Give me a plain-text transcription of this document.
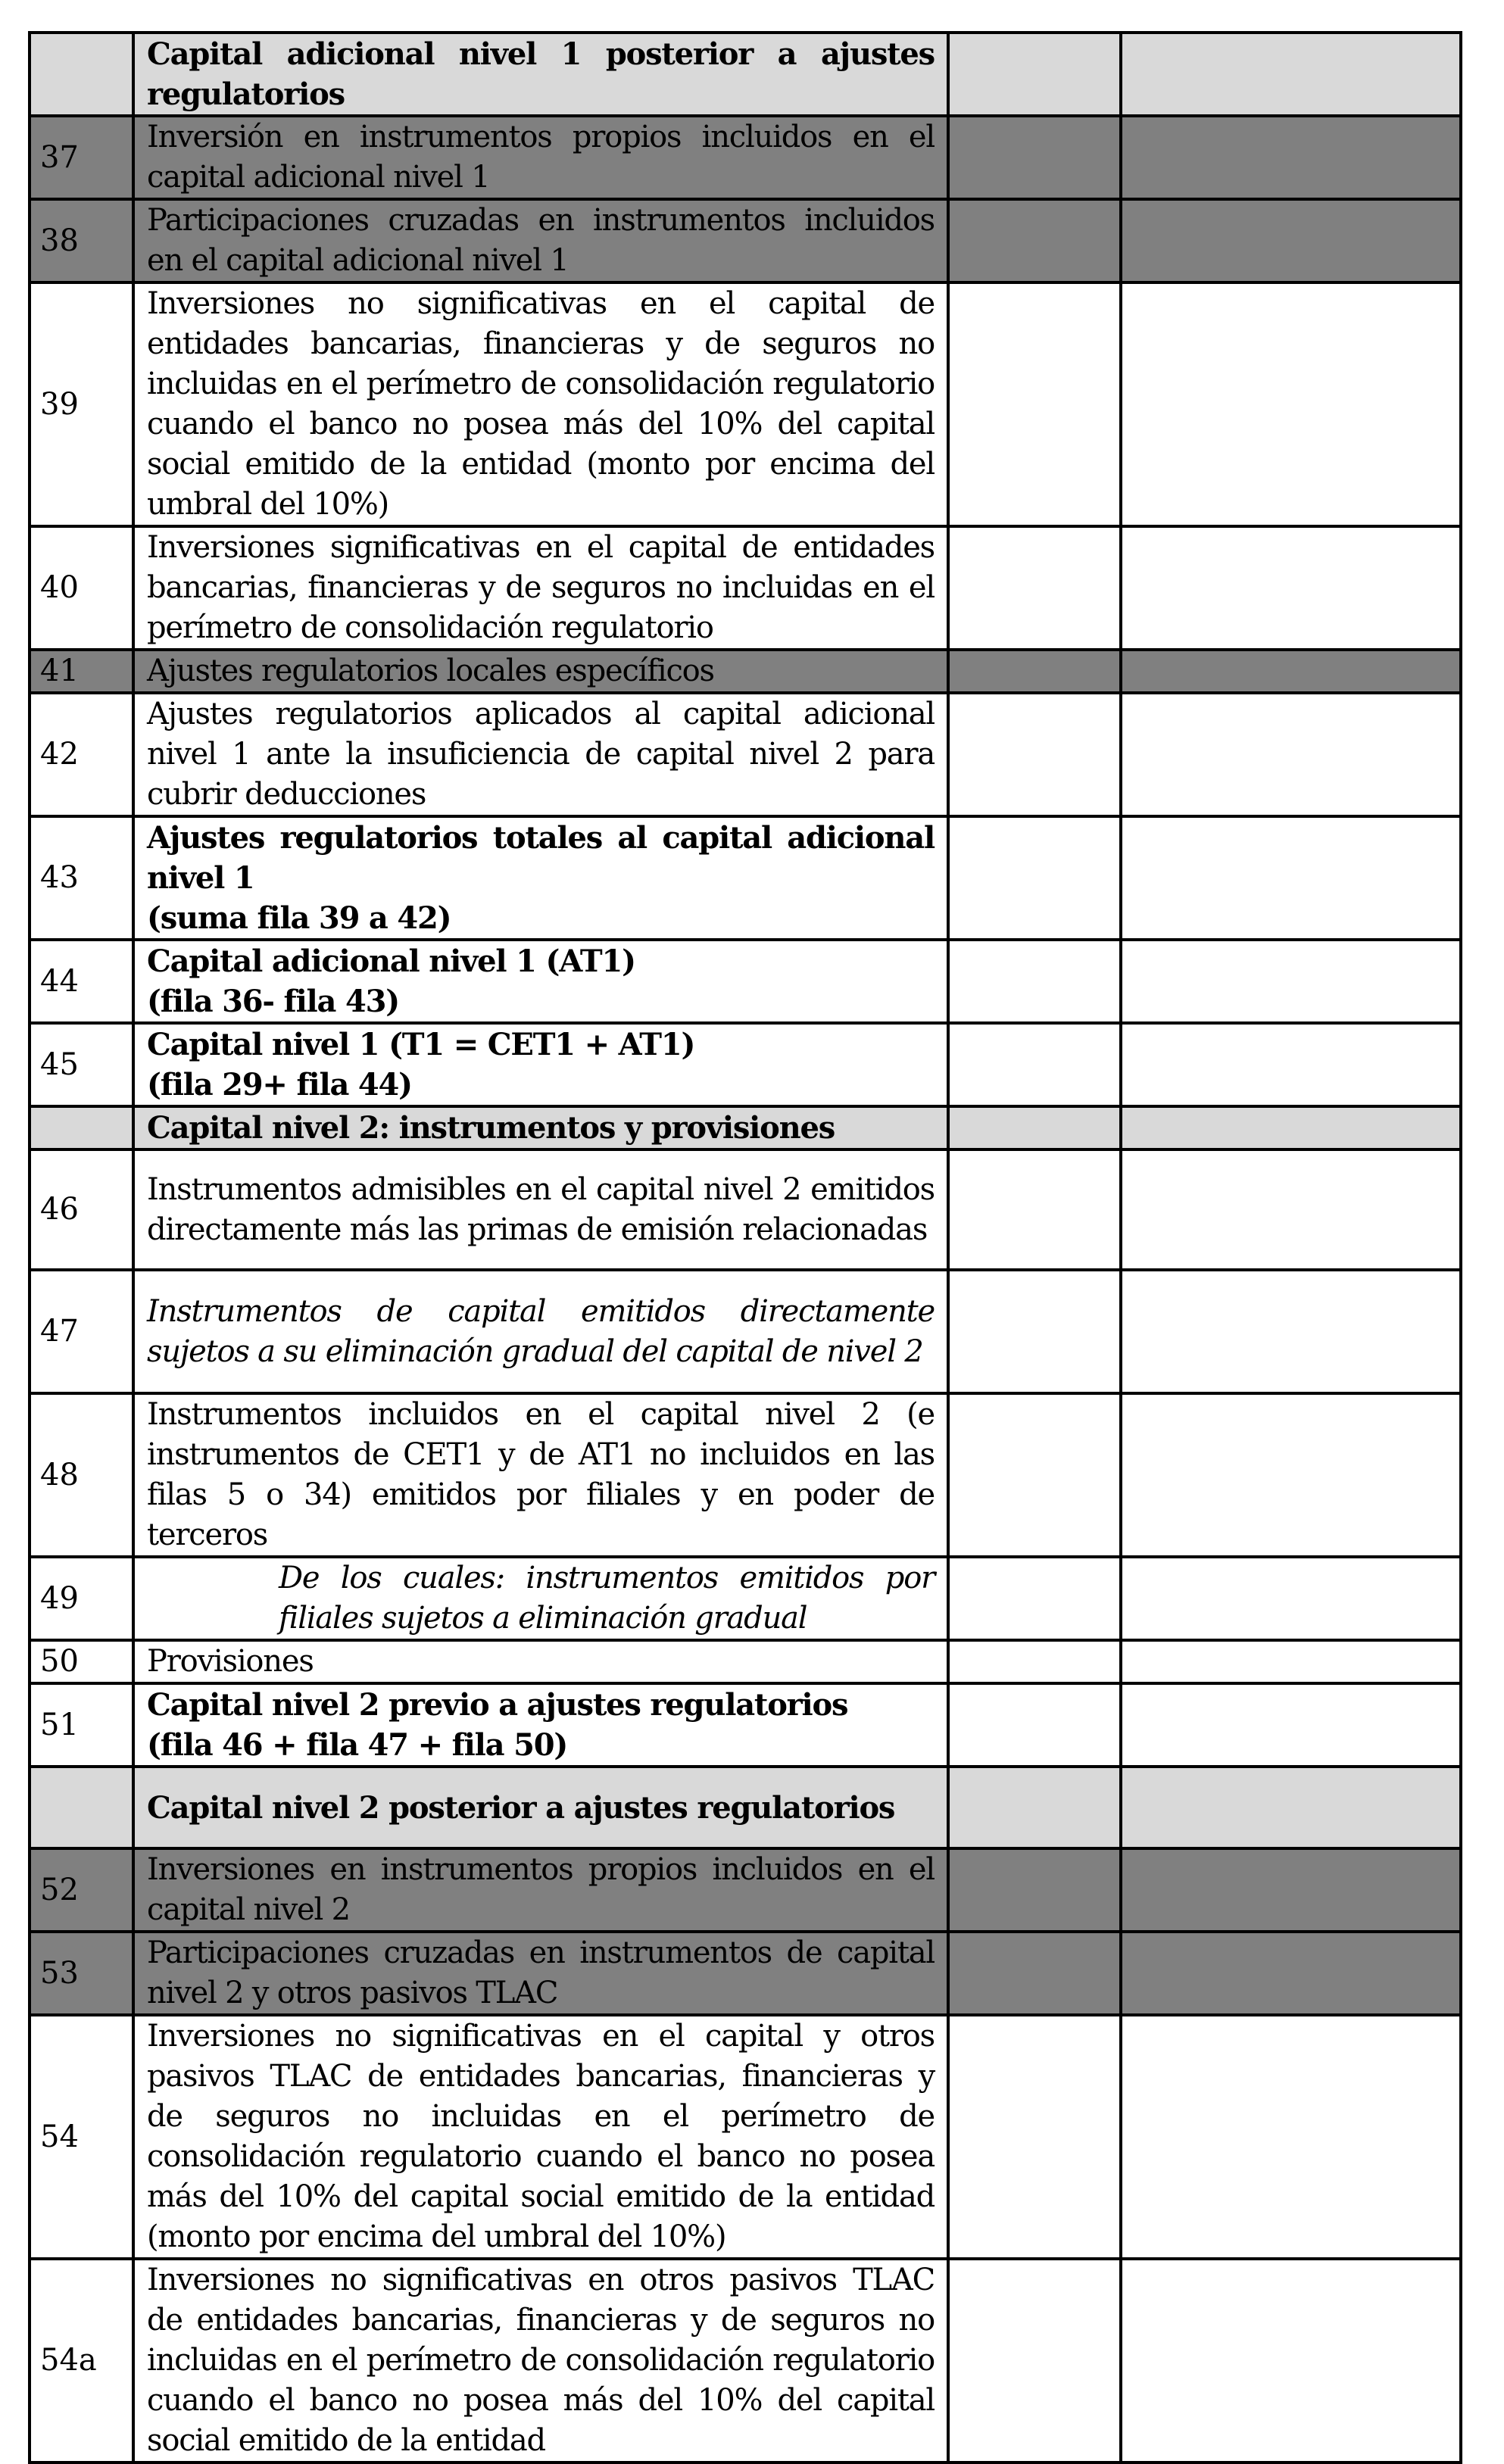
	Capital adicional nivel 1 posterior a ajustes regulatorios		
37	Inversión en instrumentos propios incluidos en el capital adicional nivel 1		
38	Participaciones cruzadas en instrumentos incluidos en el capital adicional nivel 1		
39	Inversiones no significativas en el capital de entidades bancarias, financieras y de seguros no incluidas en el perímetro de consolidación regulatorio cuando el banco no posea más del 10% del capital social emitido de la entidad (monto por encima del umbral del 10%)		
40	Inversiones significativas en el capital de entidades bancarias, financieras y de seguros no incluidas en el perímetro de consolidación regulatorio		
41	Ajustes regulatorios locales específicos		
42	Ajustes regulatorios aplicados al capital adicional nivel 1 ante la insuficiencia de capital nivel 2 para cubrir deducciones		
43	Ajustes regulatorios totales al capital adicional nivel 1
(suma fila 39 a 42)		
44	Capital adicional nivel 1 (AT1)
(fila 36- fila 43)		
45	Capital nivel 1 (T1 = CET1 + AT1)
(fila 29+ fila 44)		
	Capital nivel 2: instrumentos y provisiones		
46	Instrumentos admisibles en el capital nivel 2 emitidos directamente más las primas de emisión relacionadas		
47	Instrumentos de capital emitidos directamente sujetos a su eliminación gradual del capital de nivel 2		
48	Instrumentos incluidos en el capital nivel 2 (e instrumentos de CET1 y de AT1 no incluidos en las filas 5 o 34) emitidos por filiales y en poder de terceros		
49	De los cuales: instrumentos emitidos por filiales sujetos a eliminación gradual		
50	Provisiones		
51	Capital nivel 2 previo a ajustes regulatorios
(fila 46 + fila 47 + fila 50)		
	Capital nivel 2 posterior a ajustes regulatorios		
52	Inversiones en instrumentos propios incluidos en el capital nivel 2		
53	Participaciones cruzadas en instrumentos de capital nivel 2 y otros pasivos TLAC		
54	Inversiones no significativas en el capital y otros pasivos TLAC de entidades bancarias, financieras y de seguros no incluidas en el perímetro de consolidación regulatorio cuando el banco no posea más del 10% del capital social emitido de la entidad (monto por encima del umbral del 10%)		
54a	Inversiones no significativas en otros pasivos TLAC de entidades bancarias, financieras y de seguros no incluidas en el perímetro de consolidación regulatorio cuando el banco no posea más del 10% del capital social emitido de la entidad		
